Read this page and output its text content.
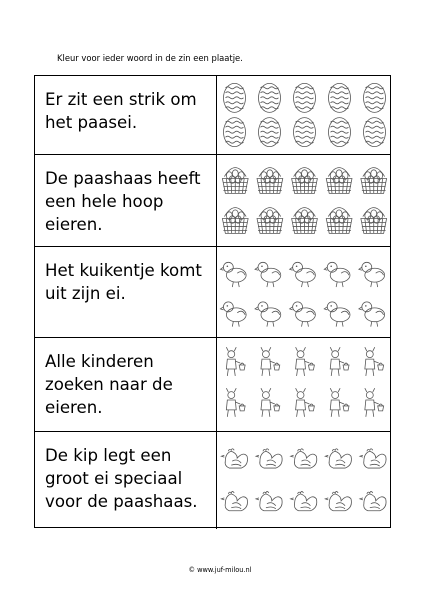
Kleur voor ieder woord in de zin een plaatje.
Er zit een strik om het paasei.
De paashaas heeft een hele hoop eieren.
Het kuikentje komt uit zijn ei.
Alle kinderen zoeken naar de eieren.
De kip legt een groot ei speciaal voor de paashaas.
© www.juf-milou.nl
